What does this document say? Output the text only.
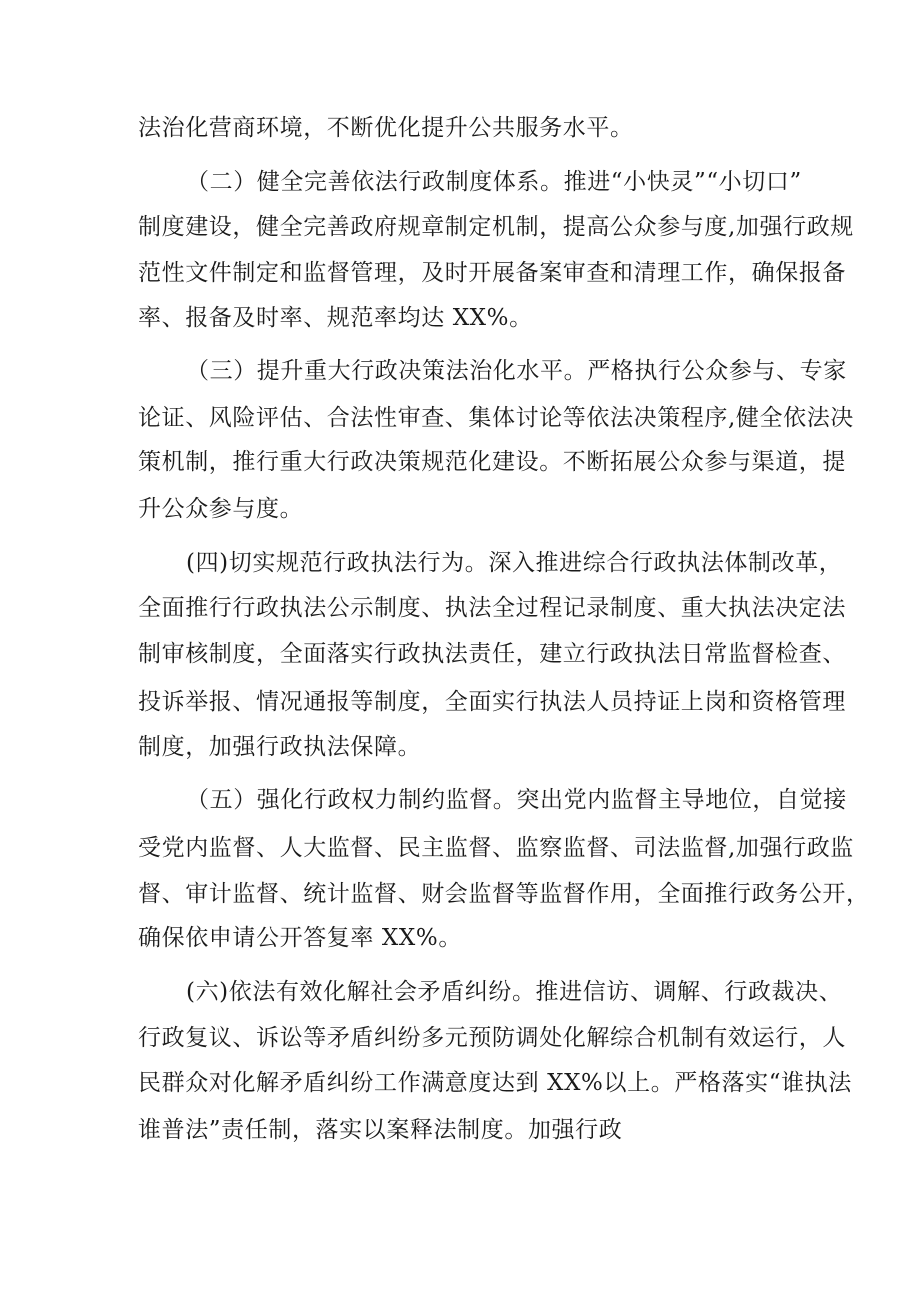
法治化营商环境，不断优化提升公共服务水平。
（二）健全完善依法行政制度体系。推进“小快灵”“小切口”
制度建设，健全完善政府规章制定机制，提高公众参与度,加强行政规
范性文件制定和监督管理，及时开展备案审查和清理工作，确保报备
率、报备及时率、规范率均达 XX%。
（三）提升重大行政决策法治化水平。严格执行公众参与、专家
论证、风险评估、合法性审查、集体讨论等依法决策程序,健全依法决
策机制，推行重大行政决策规范化建设。不断拓展公众参与渠道，提
升公众参与度。
(四)切实规范行政执法行为。深入推进综合行政执法体制改革，
全面推行行政执法公示制度、执法全过程记录制度、重大执法决定法
制审核制度，全面落实行政执法责任，建立行政执法日常监督检查、
投诉举报、情况通报等制度，全面实行执法人员持证上岗和资格管理
制度，加强行政执法保障。
（五）强化行政权力制约监督。突出党内监督主导地位，自觉接
受党内监督、人大监督、民主监督、监察监督、司法监督,加强行政监
督、审计监督、统计监督、财会监督等监督作用，全面推行政务公开，
确保依申请公开答复率 XX%。
(六)依法有效化解社会矛盾纠纷。推进信访、调解、行政裁决、
行政复议、诉讼等矛盾纠纷多元预防调处化解综合机制有效运行，人
民群众对化解矛盾纠纷工作满意度达到 XX%以上。严格落实“谁执法
谁普法”责任制，落实以案释法制度。加强行政
